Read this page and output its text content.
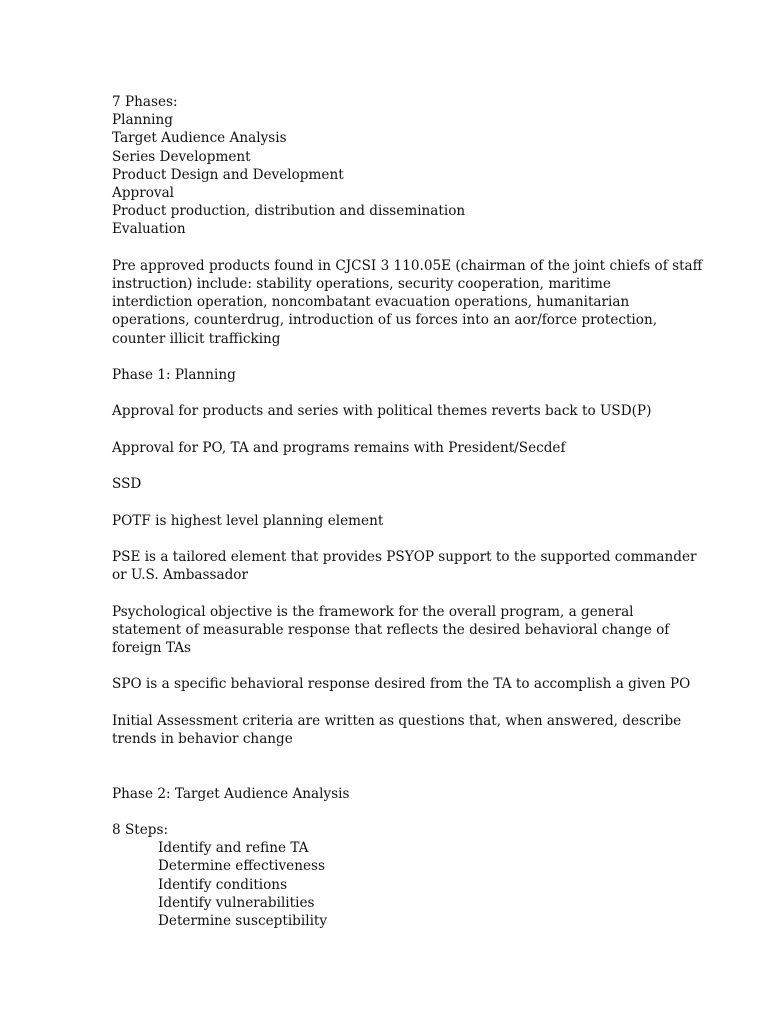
7 Phases:
Planning
Target Audience Analysis
Series Development
Product Design and Development
Approval
Product production, distribution and dissemination
Evaluation
Pre approved products found in CJCSI 3 110.05E (chairman of the joint chiefs of staff
instruction) include: stability operations, security cooperation, maritime
interdiction operation, noncombatant evacuation operations, humanitarian
operations, counterdrug, introduction of us forces into an aor/force protection,
counter illicit trafficking
Phase 1: Planning
Approval for products and series with political themes reverts back to USD(P)
Approval for PO, TA and programs remains with President/Secdef
SSD
POTF is highest level planning element
PSE is a tailored element that provides PSYOP support to the supported commander
or U.S. Ambassador
Psychological objective is the framework for the overall program, a general
statement of measurable response that reflects the desired behavioral change of
foreign TAs
SPO is a specific behavioral response desired from the TA to accomplish a given PO
Initial Assessment criteria are written as questions that, when answered, describe
trends in behavior change
Phase 2: Target Audience Analysis
8 Steps:
Identify and refine TA
Determine effectiveness
Identify conditions
Identify vulnerabilities
Determine susceptibility
